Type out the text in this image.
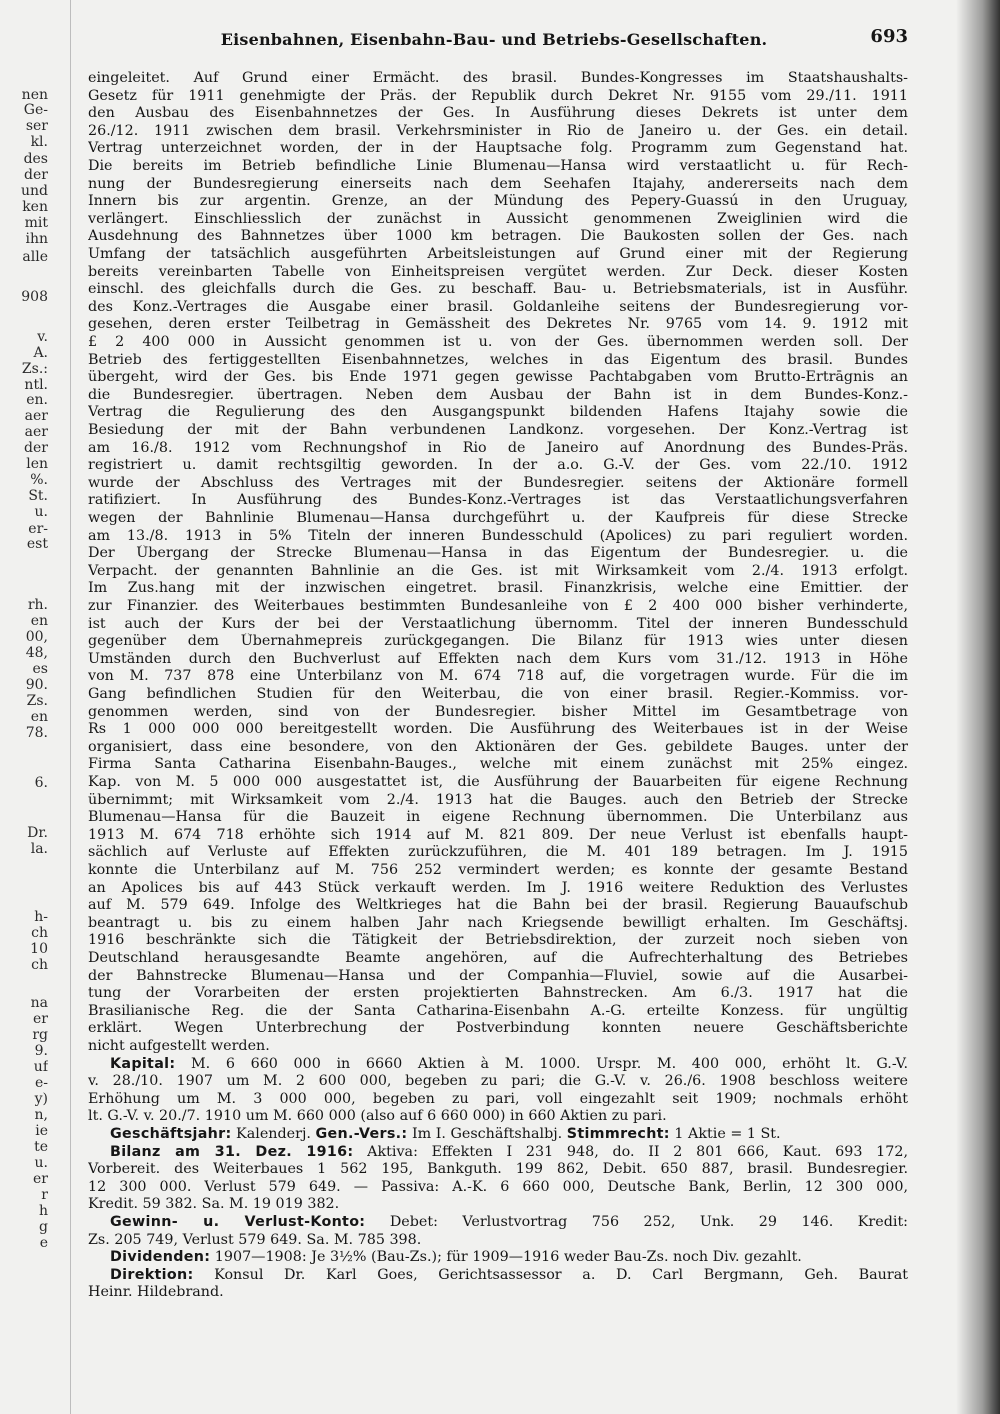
nen
Ge-
ser
kl.
des
der
und
ken
mit
ihn
alle
908
v.
A.
Zs.:
ntl.
en.
aer
aer
der
len
%.
St.
u.
er-
est
rh.
en
00,
48,
es
90.
Zs.
en
78.
6.
Dr.
la.
h-
ch
10
ch
na
er
rg
9.
uf
e-
y)
n,
ie
te
u.
er
r
h
g
e
Eisenbahnen, Eisenbahn-Bau- und Betriebs-Gesellschaften.	693
eingeleitet. Auf Grund einer Ermächt. des brasil. Bundes-Kongresses im Staatshaushalts-
Gesetz für 1911 genehmigte der Präs. der Republik durch Dekret Nr. 9155 vom 29./11. 1911
den Ausbau des Eisenbahnnetzes der Ges. In Ausführung dieses Dekrets ist unter dem
26./12. 1911 zwischen dem brasil. Verkehrsminister in Rio de Janeiro u. der Ges. ein detail.
Vertrag unterzeichnet worden, der in der Hauptsache folg. Programm zum Gegenstand hat.
Die bereits im Betrieb befindliche Linie Blumenau—Hansa wird verstaatlicht u. für Rech-
nung der Bundesregierung einerseits nach dem Seehafen Itajahy, andererseits nach dem
Innern bis zur argentin. Grenze, an der Mündung des Pepery-Guassú in den Uruguay,
verlängert. Einschliesslich der zunächst in Aussicht genommenen Zweiglinien wird die
Ausdehnung des Bahnnetzes über 1000 km betragen. Die Baukosten sollen der Ges. nach
Umfang der tatsächlich ausgeführten Arbeitsleistungen auf Grund einer mit der Regierung
bereits vereinbarten Tabelle von Einheitspreisen vergütet werden. Zur Deck. dieser Kosten
einschl. des gleichfalls durch die Ges. zu beschaff. Bau- u. Betriebsmaterials, ist in Ausführ.
des Konz.-Vertrages die Ausgabe einer brasil. Goldanleihe seitens der Bundesregierung vor-
gesehen, deren erster Teilbetrag in Gemässheit des Dekretes Nr. 9765 vom 14. 9. 1912 mit
£ 2 400 000 in Aussicht genommen ist u. von der Ges. übernommen werden soll. Der
Betrieb des fertiggestellten Eisenbahnnetzes, welches in das Eigentum des brasil. Bundes
übergeht, wird der Ges. bis Ende 1971 gegen gewisse Pachtabgaben vom Brutto-Ertrāgnis an
die Bundesregier. übertragen. Neben dem Ausbau der Bahn ist in dem Bundes-Konz.-
Vertrag die Regulierung des den Ausgangspunkt bildenden Hafens Itajahy sowie die
Besiedung der mit der Bahn verbundenen Landkonz. vorgesehen. Der Konz.-Vertrag ist
am 16./8. 1912 vom Rechnungshof in Rio de Janeiro auf Anordnung des Bundes-Präs.
registriert u. damit rechtsgiltig geworden. In der a.o. G.-V. der Ges. vom 22./10. 1912
wurde der Abschluss des Vertrages mit der Bundesregier. seitens der Aktionäre formell
ratifiziert. In Ausführung des Bundes-Konz.-Vertrages ist das Verstaatlichungsverfahren
wegen der Bahnlinie Blumenau—Hansa durchgeführt u. der Kaufpreis für diese Strecke
am 13./8. 1913 in 5% Titeln der inneren Bundesschuld (Apolices) zu pari reguliert worden.
Der Übergang der Strecke Blumenau—Hansa in das Eigentum der Bundesregier. u. die
Verpacht. der genannten Bahnlinie an die Ges. ist mit Wirksamkeit vom 2./4. 1913 erfolgt.
Im Zus.hang mit der inzwischen eingetret. brasil. Finanzkrisis, welche eine Emittier. der
zur Finanzier. des Weiterbaues bestimmten Bundesanleihe von £ 2 400 000 bisher verhinderte,
ist auch der Kurs der bei der Verstaatlichung übernomm. Titel der inneren Bundesschuld
gegenüber dem Übernahmepreis zurückgegangen. Die Bilanz für 1913 wies unter diesen
Umständen durch den Buchverlust auf Effekten nach dem Kurs vom 31./12. 1913 in Höhe
von M. 737 878 eine Unterbilanz von M. 674 718 auf, die vorgetragen wurde. Für die im
Gang befindlichen Studien für den Weiterbau, die von einer brasil. Regier.-Kommiss. vor-
genommen werden, sind von der Bundesregier. bisher Mittel im Gesamtbetrage von
Rs 1 000 000 000 bereitgestellt worden. Die Ausführung des Weiterbaues ist in der Weise
organisiert, dass eine besondere, von den Aktionären der Ges. gebildete Bauges. unter der
Firma Santa Catharina Eisenbahn-Bauges., welche mit einem zunächst mit 25% eingez.
Kap. von M. 5 000 000 ausgestattet ist, die Ausführung der Bauarbeiten für eigene Rechnung
übernimmt; mit Wirksamkeit vom 2./4. 1913 hat die Bauges. auch den Betrieb der Strecke
Blumenau—Hansa für die Bauzeit in eigene Rechnung übernommen. Die Unterbilanz aus
1913 M. 674 718 erhöhte sich 1914 auf M. 821 809. Der neue Verlust ist ebenfalls haupt-
sächlich auf Verluste auf Effekten zurückzuführen, die M. 401 189 betragen. Im J. 1915
konnte die Unterbilanz auf M. 756 252 vermindert werden; es konnte der gesamte Bestand
an Apolices bis auf 443 Stück verkauft werden. Im J. 1916 weitere Reduktion des Verlustes
auf M. 579 649. Infolge des Weltkrieges hat die Bahn bei der brasil. Regierung Bauaufschub
beantragt u. bis zu einem halben Jahr nach Kriegsende bewilligt erhalten. Im Geschäftsj.
1916 beschränkte sich die Tätigkeit der Betriebsdirektion, der zurzeit noch sieben von
Deutschland herausgesandte Beamte angehören, auf die Aufrechterhaltung des Betriebes
der Bahnstrecke Blumenau—Hansa und der Companhia—Fluviel, sowie auf die Ausarbei-
tung der Vorarbeiten der ersten projektierten Bahnstrecken. Am 6./3. 1917 hat die
Brasilianische Reg. die der Santa Catharina-Eisenbahn A.-G. erteilte Konzess. für ungültig
erklärt. Wegen Unterbrechung der Postverbindung konnten neuere Geschäftsberichte
nicht aufgestellt werden.
Kapital: M. 6 660 000 in 6660 Aktien à M. 1000. Urspr. M. 400 000, erhöht lt. G.-V.
v. 28./10. 1907 um M. 2 600 000, begeben zu pari; die G.-V. v. 26./6. 1908 beschloss weitere
Erhöhung um M. 3 000 000, begeben zu pari, voll eingezahlt seit 1909; nochmals erhöht
lt. G.-V. v. 20./7. 1910 um M. 660 000 (also auf 6 660 000) in 660 Aktien zu pari.
Geschäftsjahr: Kalenderj. Gen.-Vers.: Im I. Geschäftshalbj. Stimmrecht: 1 Aktie = 1 St.
Bilanz am 31. Dez. 1916: Aktiva: Effekten I 231 948, do. II 2 801 666, Kaut. 693 172,
Vorbereit. des Weiterbaues 1 562 195, Bankguth. 199 862, Debit. 650 887, brasil. Bundesregier.
12 300 000. Verlust 579 649. — Passiva: A.-K. 6 660 000, Deutsche Bank, Berlin, 12 300 000,
Kredit. 59 382. Sa. M. 19 019 382.
Gewinn- u. Verlust-Konto: Debet: Verlustvortrag 756 252, Unk. 29 146. Kredit:
Zs. 205 749, Verlust 579 649. Sa. M. 785 398.
Dividenden: 1907—1908: Je 3½% (Bau-Zs.); für 1909—1916 weder Bau-Zs. noch Div. gezahlt.
Direktion: Konsul Dr. Karl Goes, Gerichtsassessor a. D. Carl Bergmann, Geh. Baurat
Heinr. Hildebrand.
